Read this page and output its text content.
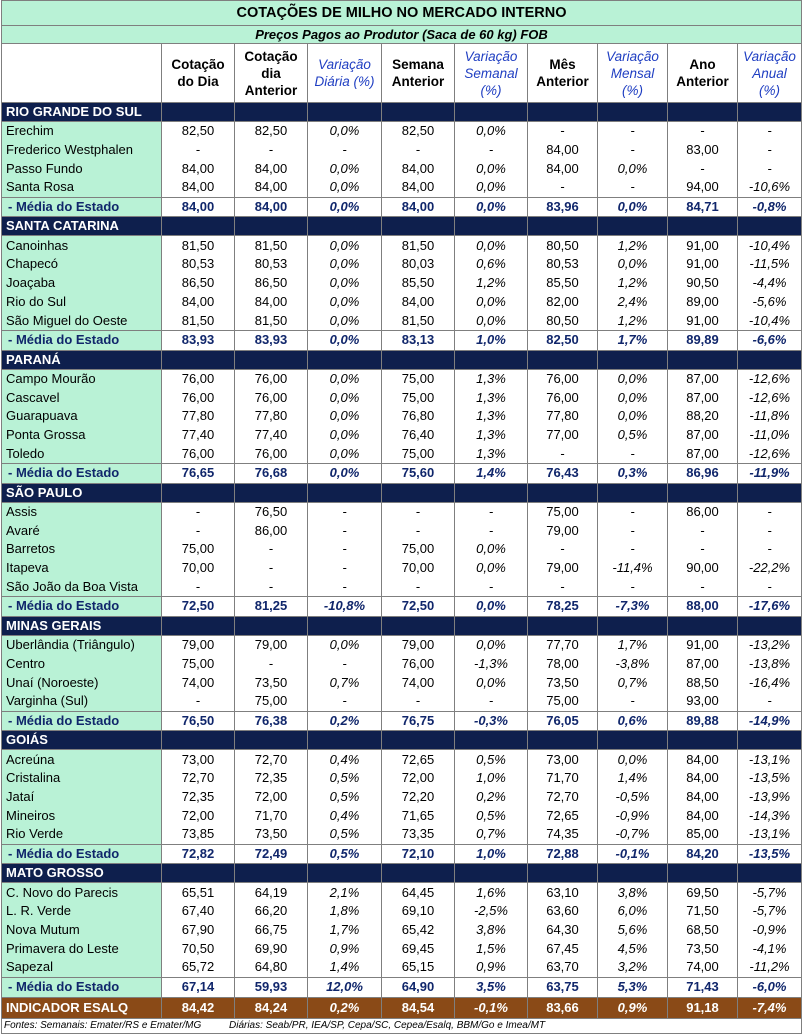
COTAÇÕES DE MILHO NO MERCADO INTERNO									
Preços Pagos ao Produtor (Saca de 60 kg) FOB									
	Cotação do Dia	Cotação dia Anterior	Variação Diária (%)	Semana Anterior	Variação Semanal (%)	Mês Anterior	Variação Mensal (%)	Ano Anterior	Variação Anual (%)
RIO GRANDE DO SUL									
Erechim	82,50	82,50	0,0%	82,50	0,0%	-	-	-	-
Frederico Westphalen	-	-	-	-	-	84,00	-	83,00	-
Passo Fundo	84,00	84,00	0,0%	84,00	0,0%	84,00	0,0%	-	-
Santa Rosa	84,00	84,00	0,0%	84,00	0,0%	-	-	94,00	-10,6%
- Média do Estado	84,00	84,00	0,0%	84,00	0,0%	83,96	0,0%	84,71	-0,8%
SANTA CATARINA									
Canoinhas	81,50	81,50	0,0%	81,50	0,0%	80,50	1,2%	91,00	-10,4%
Chapecó	80,53	80,53	0,0%	80,03	0,6%	80,53	0,0%	91,00	-11,5%
Joaçaba	86,50	86,50	0,0%	85,50	1,2%	85,50	1,2%	90,50	-4,4%
Rio do Sul	84,00	84,00	0,0%	84,00	0,0%	82,00	2,4%	89,00	-5,6%
São Miguel do Oeste	81,50	81,50	0,0%	81,50	0,0%	80,50	1,2%	91,00	-10,4%
- Média do Estado	83,93	83,93	0,0%	83,13	1,0%	82,50	1,7%	89,89	-6,6%
PARANÁ									
Campo Mourão	76,00	76,00	0,0%	75,00	1,3%	76,00	0,0%	87,00	-12,6%
Cascavel	76,00	76,00	0,0%	75,00	1,3%	76,00	0,0%	87,00	-12,6%
Guarapuava	77,80	77,80	0,0%	76,80	1,3%	77,80	0,0%	88,20	-11,8%
Ponta Grossa	77,40	77,40	0,0%	76,40	1,3%	77,00	0,5%	87,00	-11,0%
Toledo	76,00	76,00	0,0%	75,00	1,3%	-	-	87,00	-12,6%
- Média do Estado	76,65	76,68	0,0%	75,60	1,4%	76,43	0,3%	86,96	-11,9%
SÃO PAULO									
Assis	-	76,50	-	-	-	75,00	-	86,00	-
Avaré	-	86,00	-	-	-	79,00	-	-	-
Barretos	75,00	-	-	75,00	0,0%	-	-	-	-
Itapeva	70,00	-	-	70,00	0,0%	79,00	-11,4%	90,00	-22,2%
São João da Boa Vista	-	-	-	-	-	-	-	-	-
- Média do Estado	72,50	81,25	-10,8%	72,50	0,0%	78,25	-7,3%	88,00	-17,6%
MINAS GERAIS									
Uberlândia (Triângulo)	79,00	79,00	0,0%	79,00	0,0%	77,70	1,7%	91,00	-13,2%
Centro	75,00	-	-	76,00	-1,3%	78,00	-3,8%	87,00	-13,8%
Unaí (Noroeste)	74,00	73,50	0,7%	74,00	0,0%	73,50	0,7%	88,50	-16,4%
Varginha (Sul)	-	75,00	-	-	-	75,00	-	93,00	-
- Média do Estado	76,50	76,38	0,2%	76,75	-0,3%	76,05	0,6%	89,88	-14,9%
GOIÁS									
Acreúna	73,00	72,70	0,4%	72,65	0,5%	73,00	0,0%	84,00	-13,1%
Cristalina	72,70	72,35	0,5%	72,00	1,0%	71,70	1,4%	84,00	-13,5%
Jataí	72,35	72,00	0,5%	72,20	0,2%	72,70	-0,5%	84,00	-13,9%
Mineiros	72,00	71,70	0,4%	71,65	0,5%	72,65	-0,9%	84,00	-14,3%
Rio Verde	73,85	73,50	0,5%	73,35	0,7%	74,35	-0,7%	85,00	-13,1%
- Média do Estado	72,82	72,49	0,5%	72,10	1,0%	72,88	-0,1%	84,20	-13,5%
MATO GROSSO									
C. Novo do Parecis	65,51	64,19	2,1%	64,45	1,6%	63,10	3,8%	69,50	-5,7%
L. R. Verde	67,40	66,20	1,8%	69,10	-2,5%	63,60	6,0%	71,50	-5,7%
Nova Mutum	67,90	66,75	1,7%	65,42	3,8%	64,30	5,6%	68,50	-0,9%
Primavera do Leste	70,50	69,90	0,9%	69,45	1,5%	67,45	4,5%	73,50	-4,1%
Sapezal	65,72	64,80	1,4%	65,15	0,9%	63,70	3,2%	74,00	-11,2%
- Média do Estado	67,14	59,93	12,0%	64,90	3,5%	63,75	5,3%	71,43	-6,0%
INDICADOR ESALQ	84,42	84,24	0,2%	84,54	-0,1%	83,66	0,9%	91,18	-7,4%
Fontes: Semanais: Emater/RS e Emater/MG Diárias: Seab/PR, IEA/SP, Cepa/SC, Cepea/Esalq, BBM/Go e Imea/MT									
